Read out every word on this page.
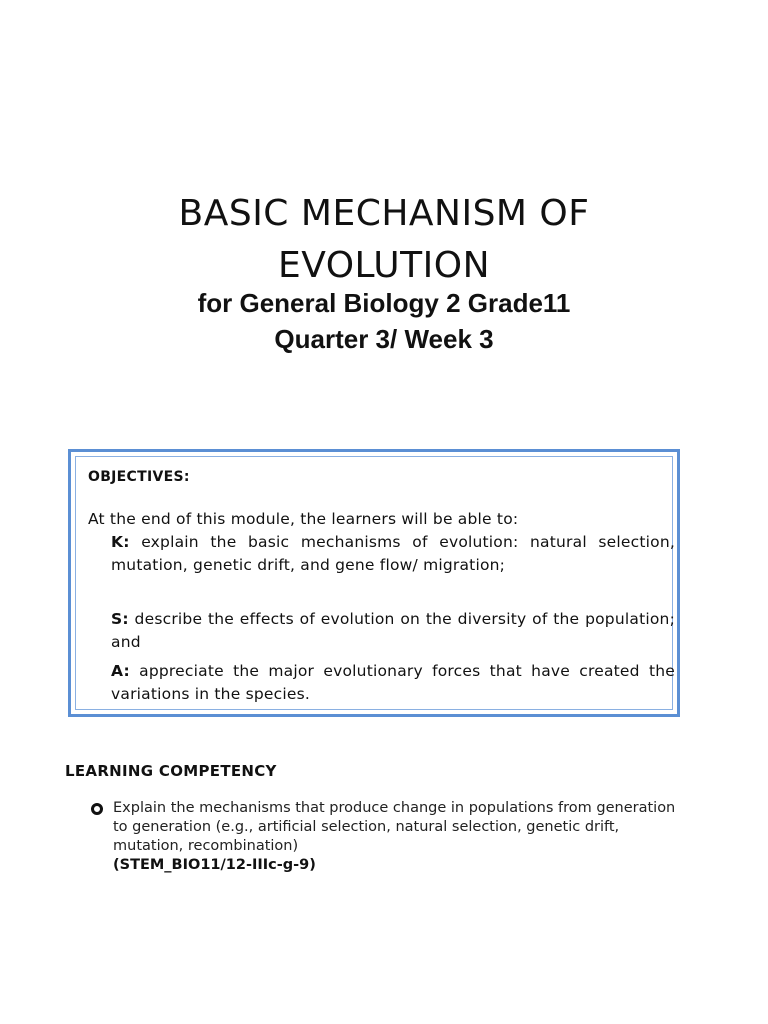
BASIC MECHANISM OF
EVOLUTION
for General Biology 2 Grade11
Quarter 3/ Week 3
OBJECTIVES:
At the end of this module, the learners will be able to:
K: explain the basic mechanisms of evolution: natural selection, mutation, genetic drift, and gene flow/ migration;
S: describe the effects of evolution on the diversity of the population; and
A: appreciate the major evolutionary forces that have created the variations in the species.
LEARNING COMPETENCY
Explain the mechanisms that produce change in populations from generation to generation (e.g., artificial selection, natural selection, genetic drift, mutation, recombination)
(STEM_BIO11/12-IIIc-g-9)
